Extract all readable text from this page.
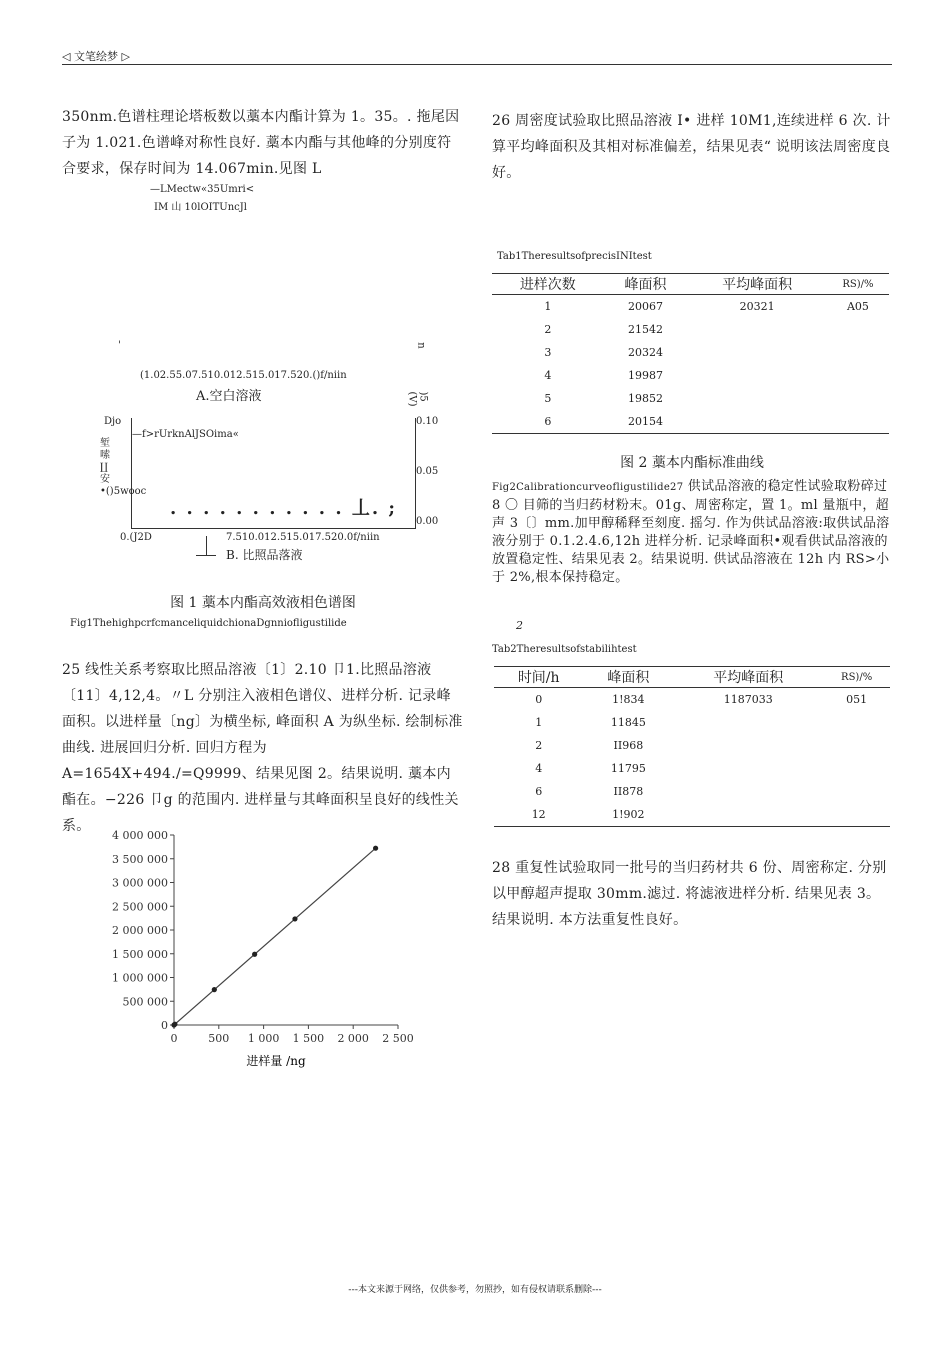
◁ 文笔绘梦 ▷
350nm.色谱柱理论塔板数以藁本内酯计算为 1。35。. 拖尾因子为 1.021.色谱峰对称性良好. 藁本内酯与其他峰的分别度符合要求，保存时间为 14.067min.见图 L
—LMectw«35Umri<
IM 山 10lOITUncJl
'	n
(1.02.55.07.510.012.515.017.520.()f/niin
A.空白溶液	)5
(V)
Djo
—f>rUrknAlJSOima«
堑嗦 ∐ 安 •()5wooc
. . . . . . . . . . . 丄. ;
0.10
0.05
0.00
0.(J2D	7.510.012.515.017.520.0f/niin
B. 比照品落液
图 1 藁本内酯高效液相色谱图
Fig1ThehighpcrfcmanceliquidchionaDgnniofligustilide
25 线性关系考察取比照品溶液〔1〕2.10 卩1.比照品溶液〔11〕4,12,4。〃L 分别注入液相色谱仪、进样分析. 记录峰面积。以进样量〔ng〕为横坐标, 峰面积 A 为纵坐标. 绘制标准曲线. 进展回归分析. 回归方程为 A=1654X+494./=Q9999、结果见图 2。结果说明. 藁本内酯在。−226 卩g 的范围内. 进样量与其峰面积呈良好的线性关系。
0
500 000
1 000 000
1 500 000
2 000 000
2 500 000
3 000 000
3 500 000
4 000 000
0	500 1 000 1 500 2 000 2 500
进样量 /ng
26 周密度试验取比照品溶液 I• 进样 10M1,连续进样 6 次. 计算平均峰面积及其相对标准偏差，结果见表“ 说明该法周密度良好。
Tab1TheresultsofprecisINItest
进样次数	峰面积	平均峰面积	RS)/%
1	20067	20321	A05
2	21542		
3	20324		
4	19987		
5	19852		
6	20154		
图 2 藁本内酯标准曲线
Fig2Calibrationcurveofligustilide27 供试品溶液的稳定性试验取粉碎过 8 〇 目筛的当归药材粉末。01g、周密称定，置 1。ml 量瓶中，超声 3〔〕mm.加甲醇稀释至刻度. 摇匀. 作为供试品溶液:取供试品溶液分别于 0.1.2.4.6,12h 进样分析. 记录峰面积•观看供试品溶液的放置稳定性、结果见表 2。结果说明. 供试品溶液在 12h 内 RS>小于 2%,根本保持稳定。
2
Tab2Theresultsofstabilihtest
时间/h	峰面积	平均峰面积	RS)/%
0	1!834	1187033	051
1	11845		
2	II968		
4	11795		
6	II878		
12	1!902		
28 重复性试验取同一批号的当归药材共 6 份、周密称定. 分别以甲醇超声提取 30mm.滤过. 将滤液进样分析. 结果见表 3。结果说明. 本方法重复性良好。
---本文来源于网络，仅供参考，勿照抄，如有侵权请联系删除---
